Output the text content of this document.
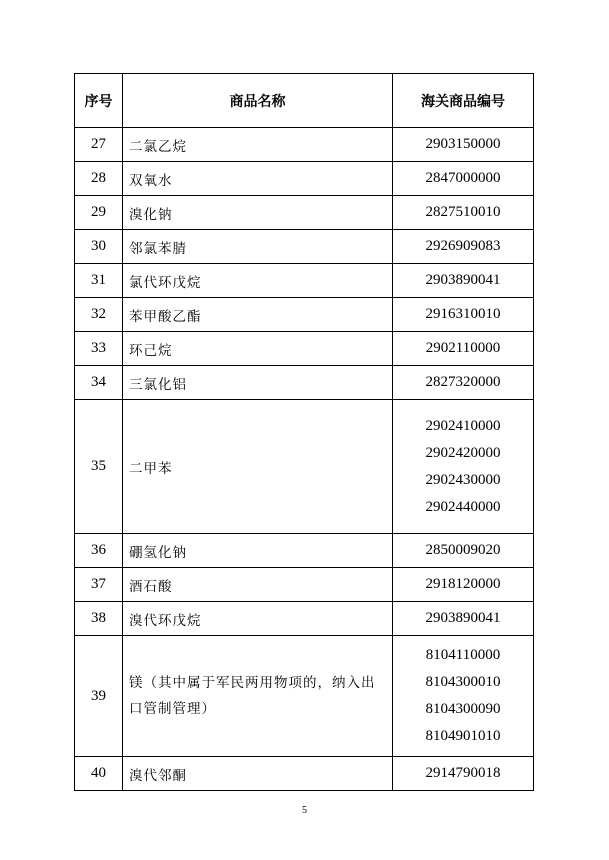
序号	商品名称	海关商品编号
27	二氯乙烷	2903150000

28	双氧水	2847000000

29	溴化钠	2827510010

30	邻氯苯腈	2926909083

31	氯代环戊烷	2903890041

32	苯甲酸乙酯	2916310010

33	环己烷	2902110000

34	三氯化铝	2827320000

35	二甲苯	2902410000
2902420000
2902430000
2902440000

36	硼氢化钠	2850009020

37	酒石酸	2918120000

38	溴代环戊烷	2903890041

39	镁（其中属于军民两用物项的，纳入出口管制管理）	8104110000
8104300010
8104300090
8104901010

40	溴代邻酮	2914790018
5
